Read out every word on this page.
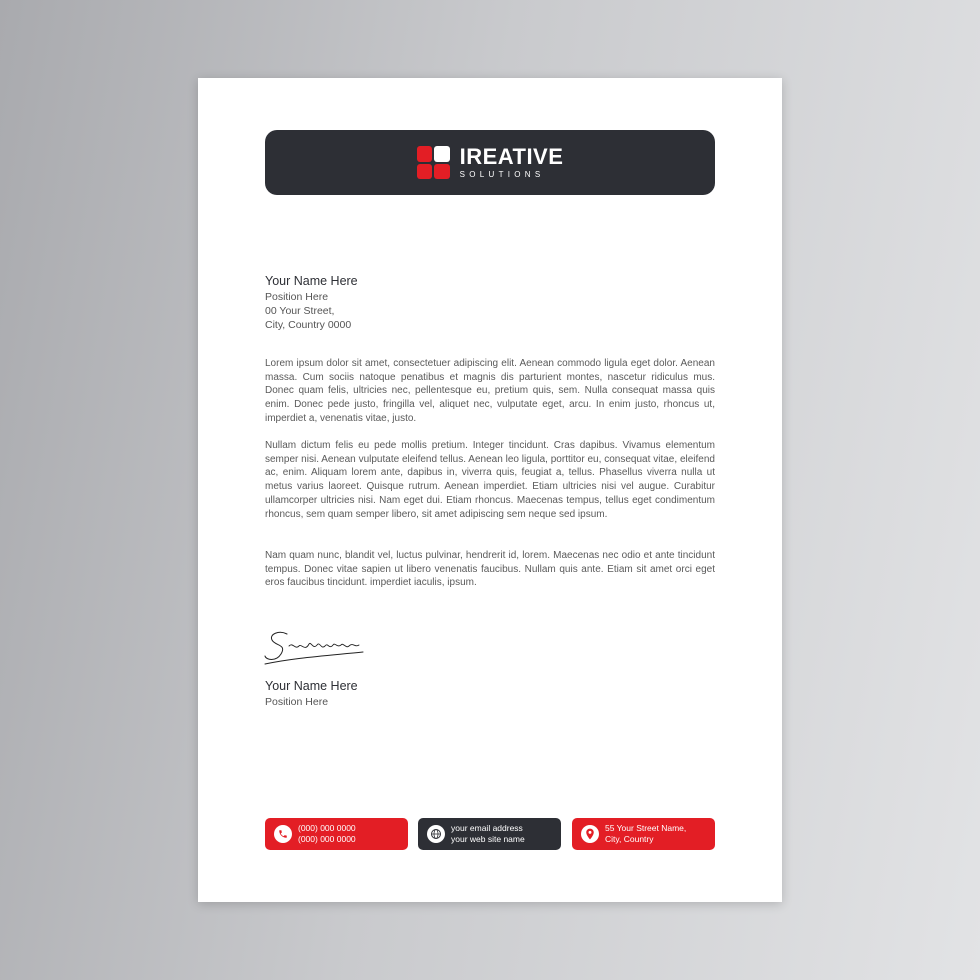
IREATIVE
SOLUTIONS
Your Name Here
Position Here
00 Your Street,
City, Country 0000

Lorem ipsum dolor sit amet, consectetuer adipiscing elit. Aenean commodo ligula eget dolor. Aenean massa. Cum sociis natoque penatibus et magnis dis parturient montes, nascetur ridiculus mus. Donec quam felis, ultricies nec, pellentesque eu, pretium quis, sem. Nulla consequat massa quis enim. Donec pede justo, fringilla vel, aliquet nec, vulputate eget, arcu. In enim justo, rhoncus ut, imperdiet a, venenatis vitae, justo.

Nullam dictum felis eu pede mollis pretium. Integer tincidunt. Cras dapibus. Vivamus elementum semper nisi. Aenean vulputate eleifend tellus. Aenean leo ligula, porttitor eu, consequat vitae, eleifend ac, enim. Aliquam lorem ante, dapibus in, viverra quis, feugiat a, tellus. Phasellus viverra nulla ut metus varius laoreet. Quisque rutrum. Aenean imperdiet. Etiam ultricies nisi vel augue. Curabitur ullamcorper ultricies nisi. Nam eget dui. Etiam rhoncus. Maecenas tempus, tellus eget condimentum rhoncus, sem quam semper libero, sit amet adipiscing sem neque sed ipsum.

Nam quam nunc, blandit vel, luctus pulvinar, hendrerit id, lorem. Maecenas nec odio et ante tincidunt tempus. Donec vitae sapien ut libero venenatis faucibus. Nullam quis ante. Etiam sit amet orci eget eros faucibus tincidunt. imperdiet iaculis, ipsum.

Your Name Here
Position Here
(000) 000 0000
(000) 000 0000
your email address
your web site name
55 Your Street Name,
City, Country
